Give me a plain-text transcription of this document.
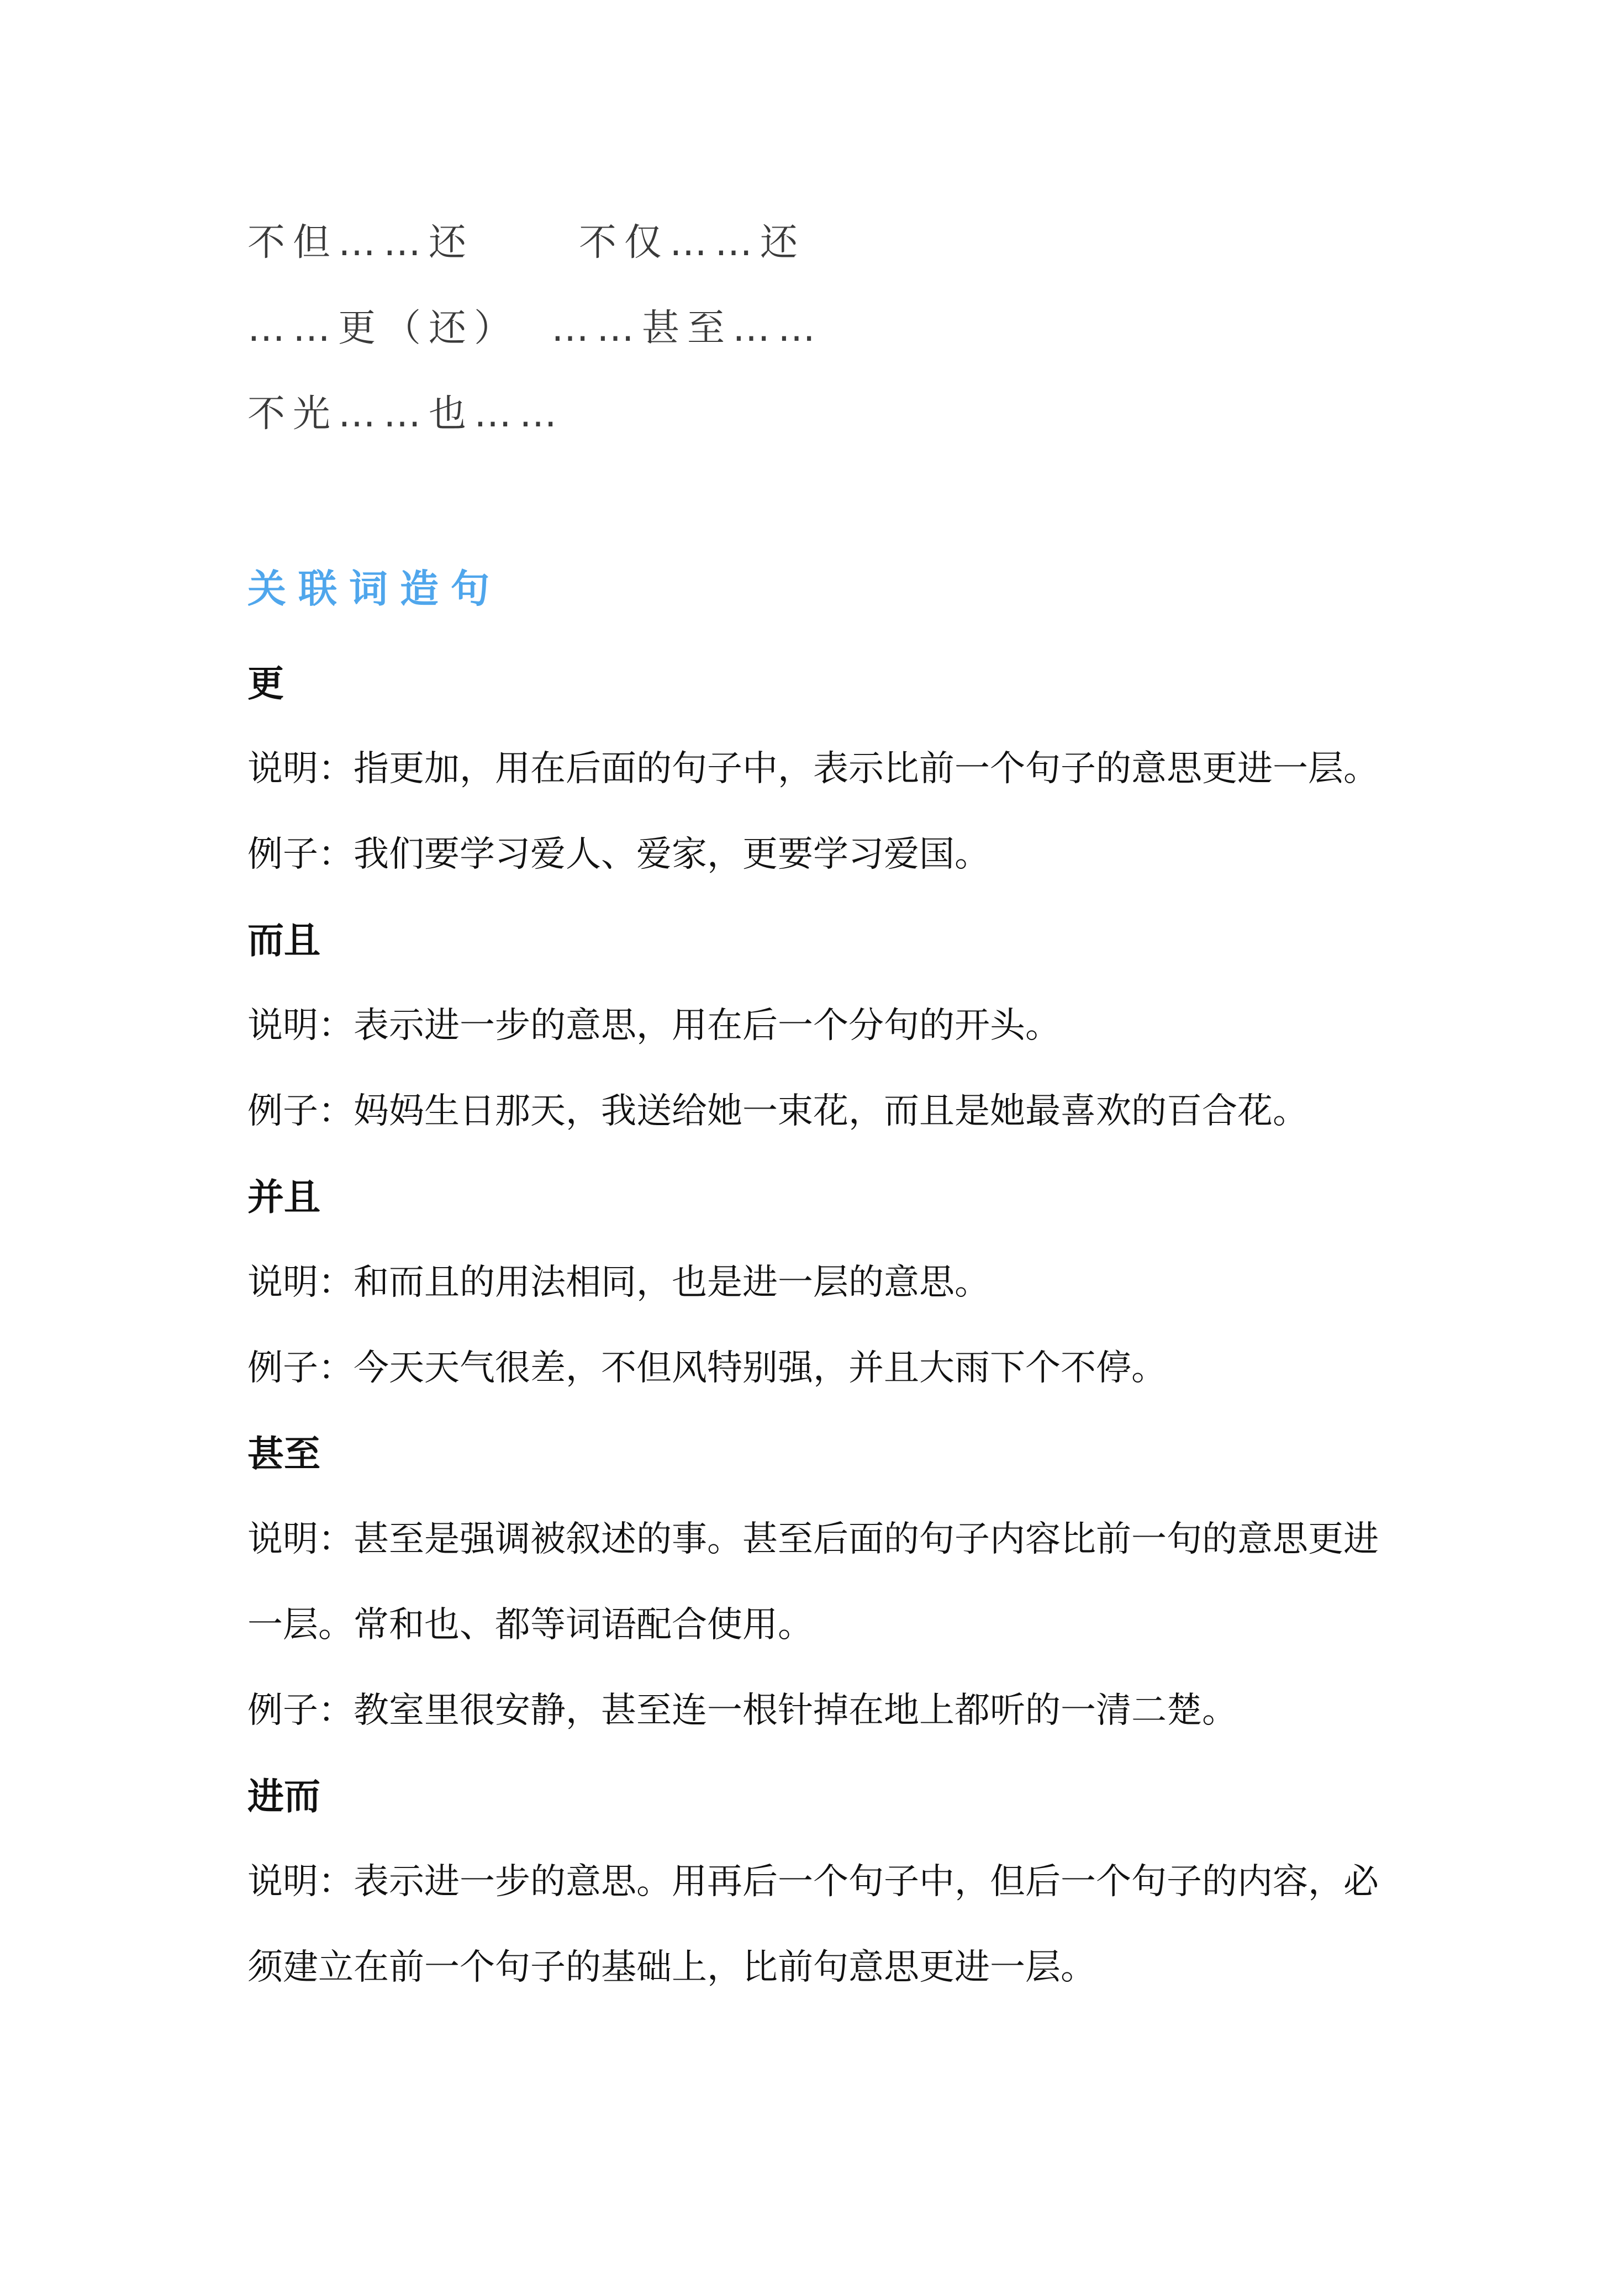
不但……还	不仅……还
……更（还） ……甚至……
不光……也……
关联词造句
更
说明：指更加，用在后面的句子中，表示比前一个句子的意思更进一层。
例子：我们要学习爱人、爱家，更要学习爱国。
而且
说明：表示进一步的意思，用在后一个分句的开头。
例子：妈妈生日那天，我送给她一束花，而且是她最喜欢的百合花。
并且
说明：和而且的用法相同，也是进一层的意思。
例子：今天天气很差，不但风特别强，并且大雨下个不停。
甚至
说明：甚至是强调被叙述的事。甚至后面的句子内容比前一句的意思更进一层。常和也、都等词语配合使用。
例子：教室里很安静，甚至连一根针掉在地上都听的一清二楚。
进而
说明：表示进一步的意思。用再后一个句子中，但后一个句子的内容，必须建立在前一个句子的基础上，比前句意思更进一层。
